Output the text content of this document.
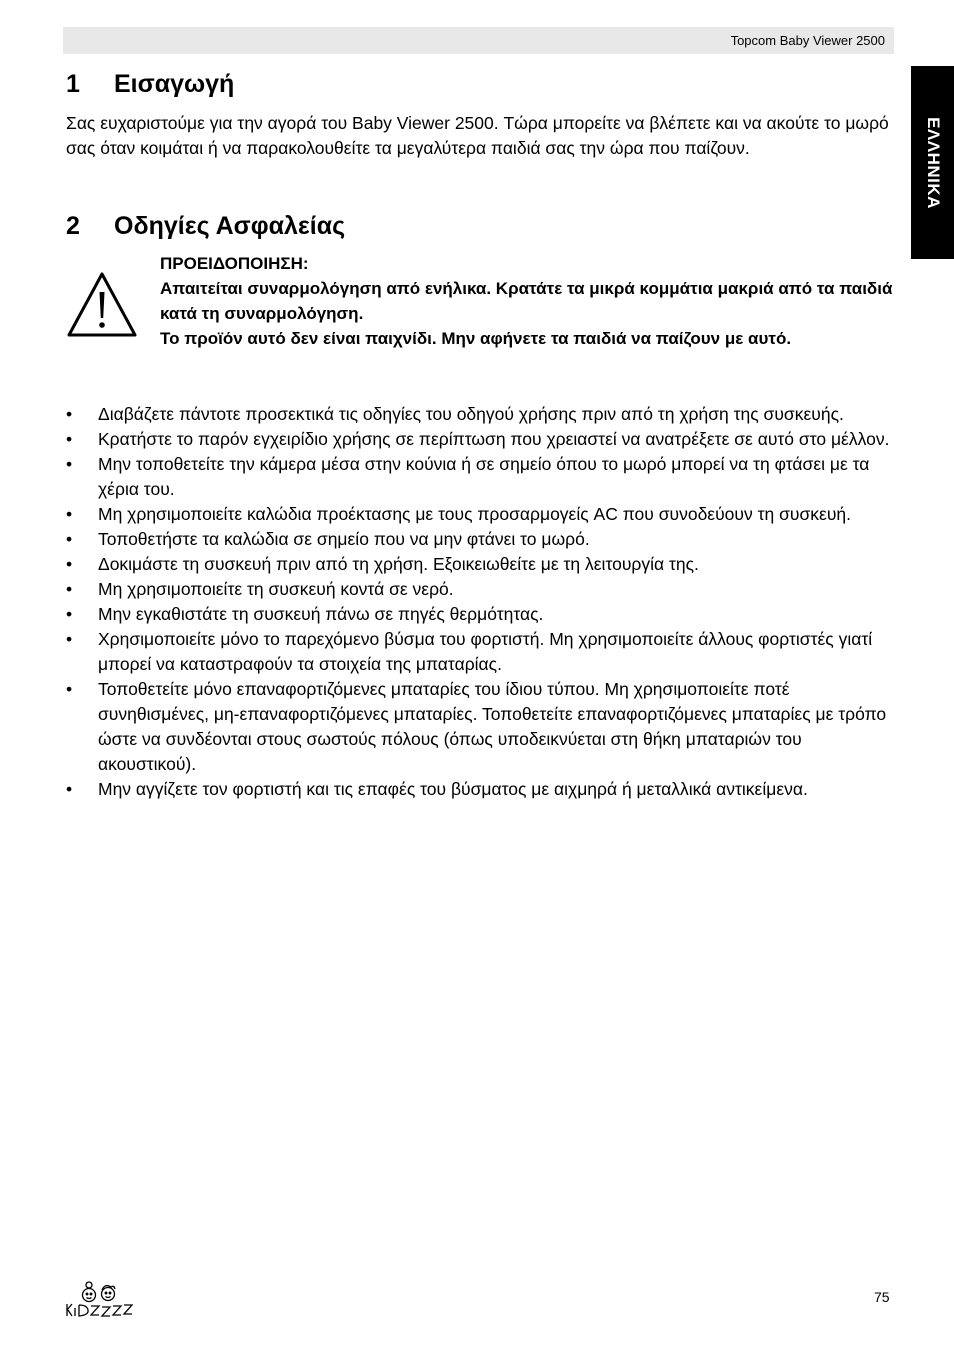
Topcom Baby Viewer 2500
ΕΛΛΗΝΙΚΑ
1 Εισαγωγή
Σας ευχαριστούμε για την αγορά του Baby Viewer 2500. Τώρα μπορείτε να βλέπετε και να ακούτε το μωρό σας όταν κοιμάται ή να παρακολουθείτε τα μεγαλύτερα παιδιά σας την ώρα που παίζουν.
2 Οδηγίες Ασφαλείας

ΠΡΟΕΙΔΟΠΟΙΗΣΗ:

Απαιτείται συναρμολόγηση από ενήλικα. Κρατάτε τα μικρά κομμάτια μακριά από τα παιδιά κατά τη συναρμολόγηση.

Το προϊόν αυτό δεν είναι παιχνίδι. Μην αφήνετε τα παιδιά να παίζουν με αυτό.

• Διαβάζετε πάντοτε προσεκτικά τις οδηγίες του οδηγού χρήσης πριν από τη χρήση της συσκευής.
• Κρατήστε το παρόν εγχειρίδιο χρήσης σε περίπτωση που χρειαστεί να ανατρέξετε σε αυτό στο μέλλον.
• Μην τοποθετείτε την κάμερα μέσα στην κούνια ή σε σημείο όπου το μωρό μπορεί να τη φτάσει με τα χέρια του.
• Μη χρησιμοποιείτε καλώδια προέκτασης με τους προσαρμογείς AC που συνοδεύουν τη συσκευή.
• Τοποθετήστε τα καλώδια σε σημείο που να μην φτάνει το μωρό.
• Δοκιμάστε τη συσκευή πριν από τη χρήση. Εξοικειωθείτε με τη λειτουργία της.
• Μη χρησιμοποιείτε τη συσκευή κοντά σε νερό.
• Μην εγκαθιστάτε τη συσκευή πάνω σε πηγές θερμότητας.
• Χρησιμοποιείτε μόνο το παρεχόμενο βύσμα του φορτιστή. Μη χρησιμοποιείτε άλλους φορτιστές γιατί μπορεί να καταστραφούν τα στοιχεία της μπαταρίας.
• Τοποθετείτε μόνο επαναφορτιζόμενες μπαταρίες του ίδιου τύπου. Μη χρησιμοποιείτε ποτέ συνηθισμένες, μη-επαναφορτιζόμενες μπαταρίες. Τοποθετείτε επαναφορτιζόμενες μπαταρίες με τρόπο ώστε να συνδέονται στους σωστούς πόλους (όπως υποδεικνύεται στη θήκη μπαταριών του ακουστικού).
• Μην αγγίζετε τον φορτιστή και τις επαφές του βύσματος με αιχμηρά ή μεταλλικά αντικείμενα.
75
